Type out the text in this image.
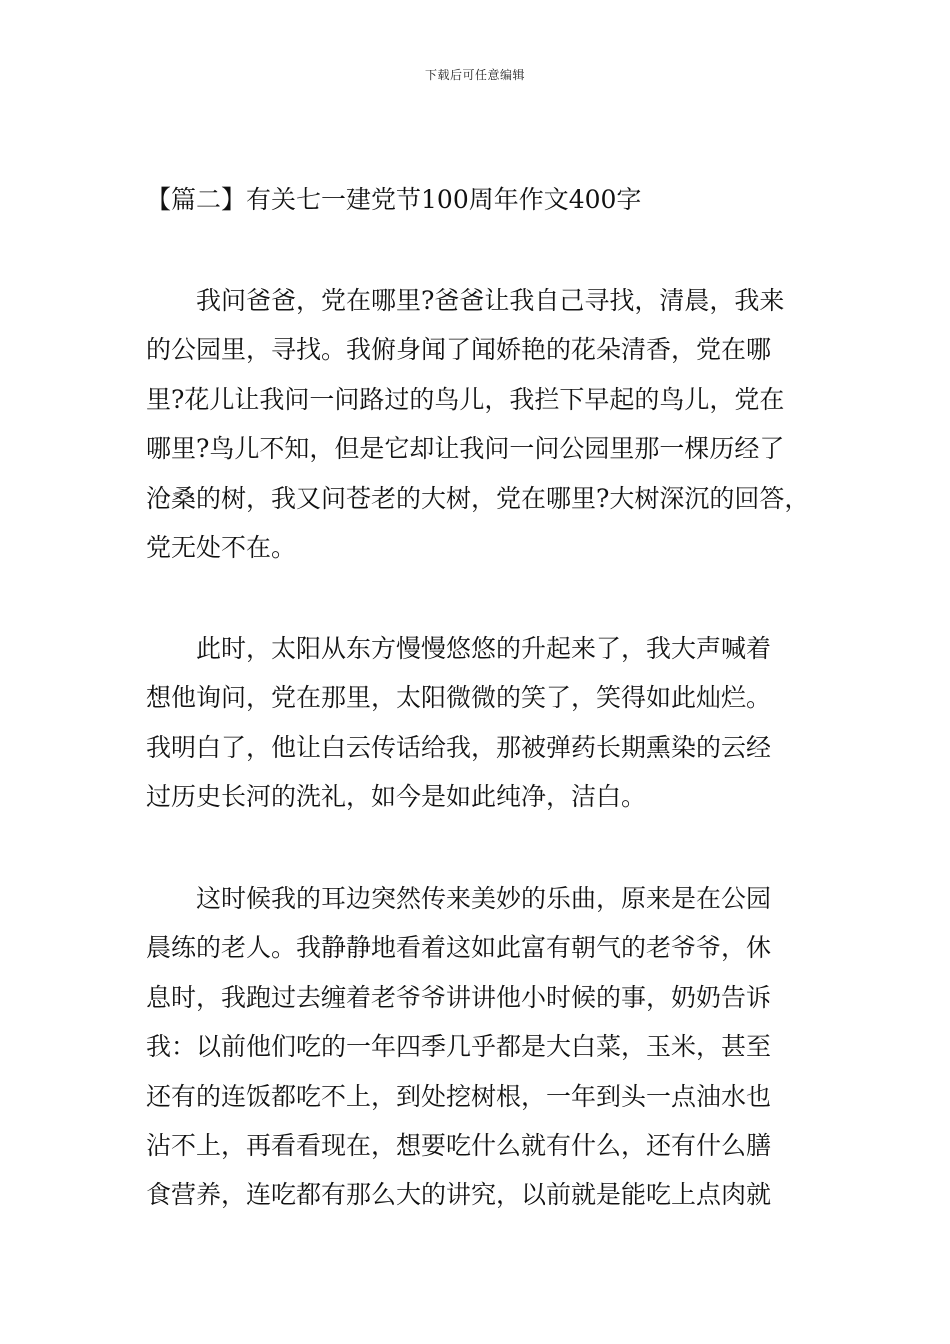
下载后可任意编辑
【篇二】有关七一建党节100周年作文400字
我问爸爸，党在哪里?爸爸让我自己寻找，清晨，我来
的公园里，寻找。我俯身闻了闻娇艳的花朵清香，党在哪
里?花儿让我问一问路过的鸟儿，我拦下早起的鸟儿，党在
哪里?鸟儿不知，但是它却让我问一问公园里那一棵历经了
沧桑的树，我又问苍老的大树，党在哪里?大树深沉的回答，
党无处不在。
此时，太阳从东方慢慢悠悠的升起来了，我大声喊着
想他询问，党在那里，太阳微微的笑了，笑得如此灿烂。
我明白了，他让白云传话给我，那被弹药长期熏染的云经
过历史长河的洗礼，如今是如此纯净，洁白。
这时候我的耳边突然传来美妙的乐曲，原来是在公园
晨练的老人。我静静地看着这如此富有朝气的老爷爷，休
息时，我跑过去缠着老爷爷讲讲他小时候的事，奶奶告诉
我：以前他们吃的一年四季几乎都是大白菜，玉米，甚至
还有的连饭都吃不上，到处挖树根，一年到头一点油水也
沾不上，再看看现在，想要吃什么就有什么，还有什么膳
食营养，连吃都有那么大的讲究，以前就是能吃上点肉就
